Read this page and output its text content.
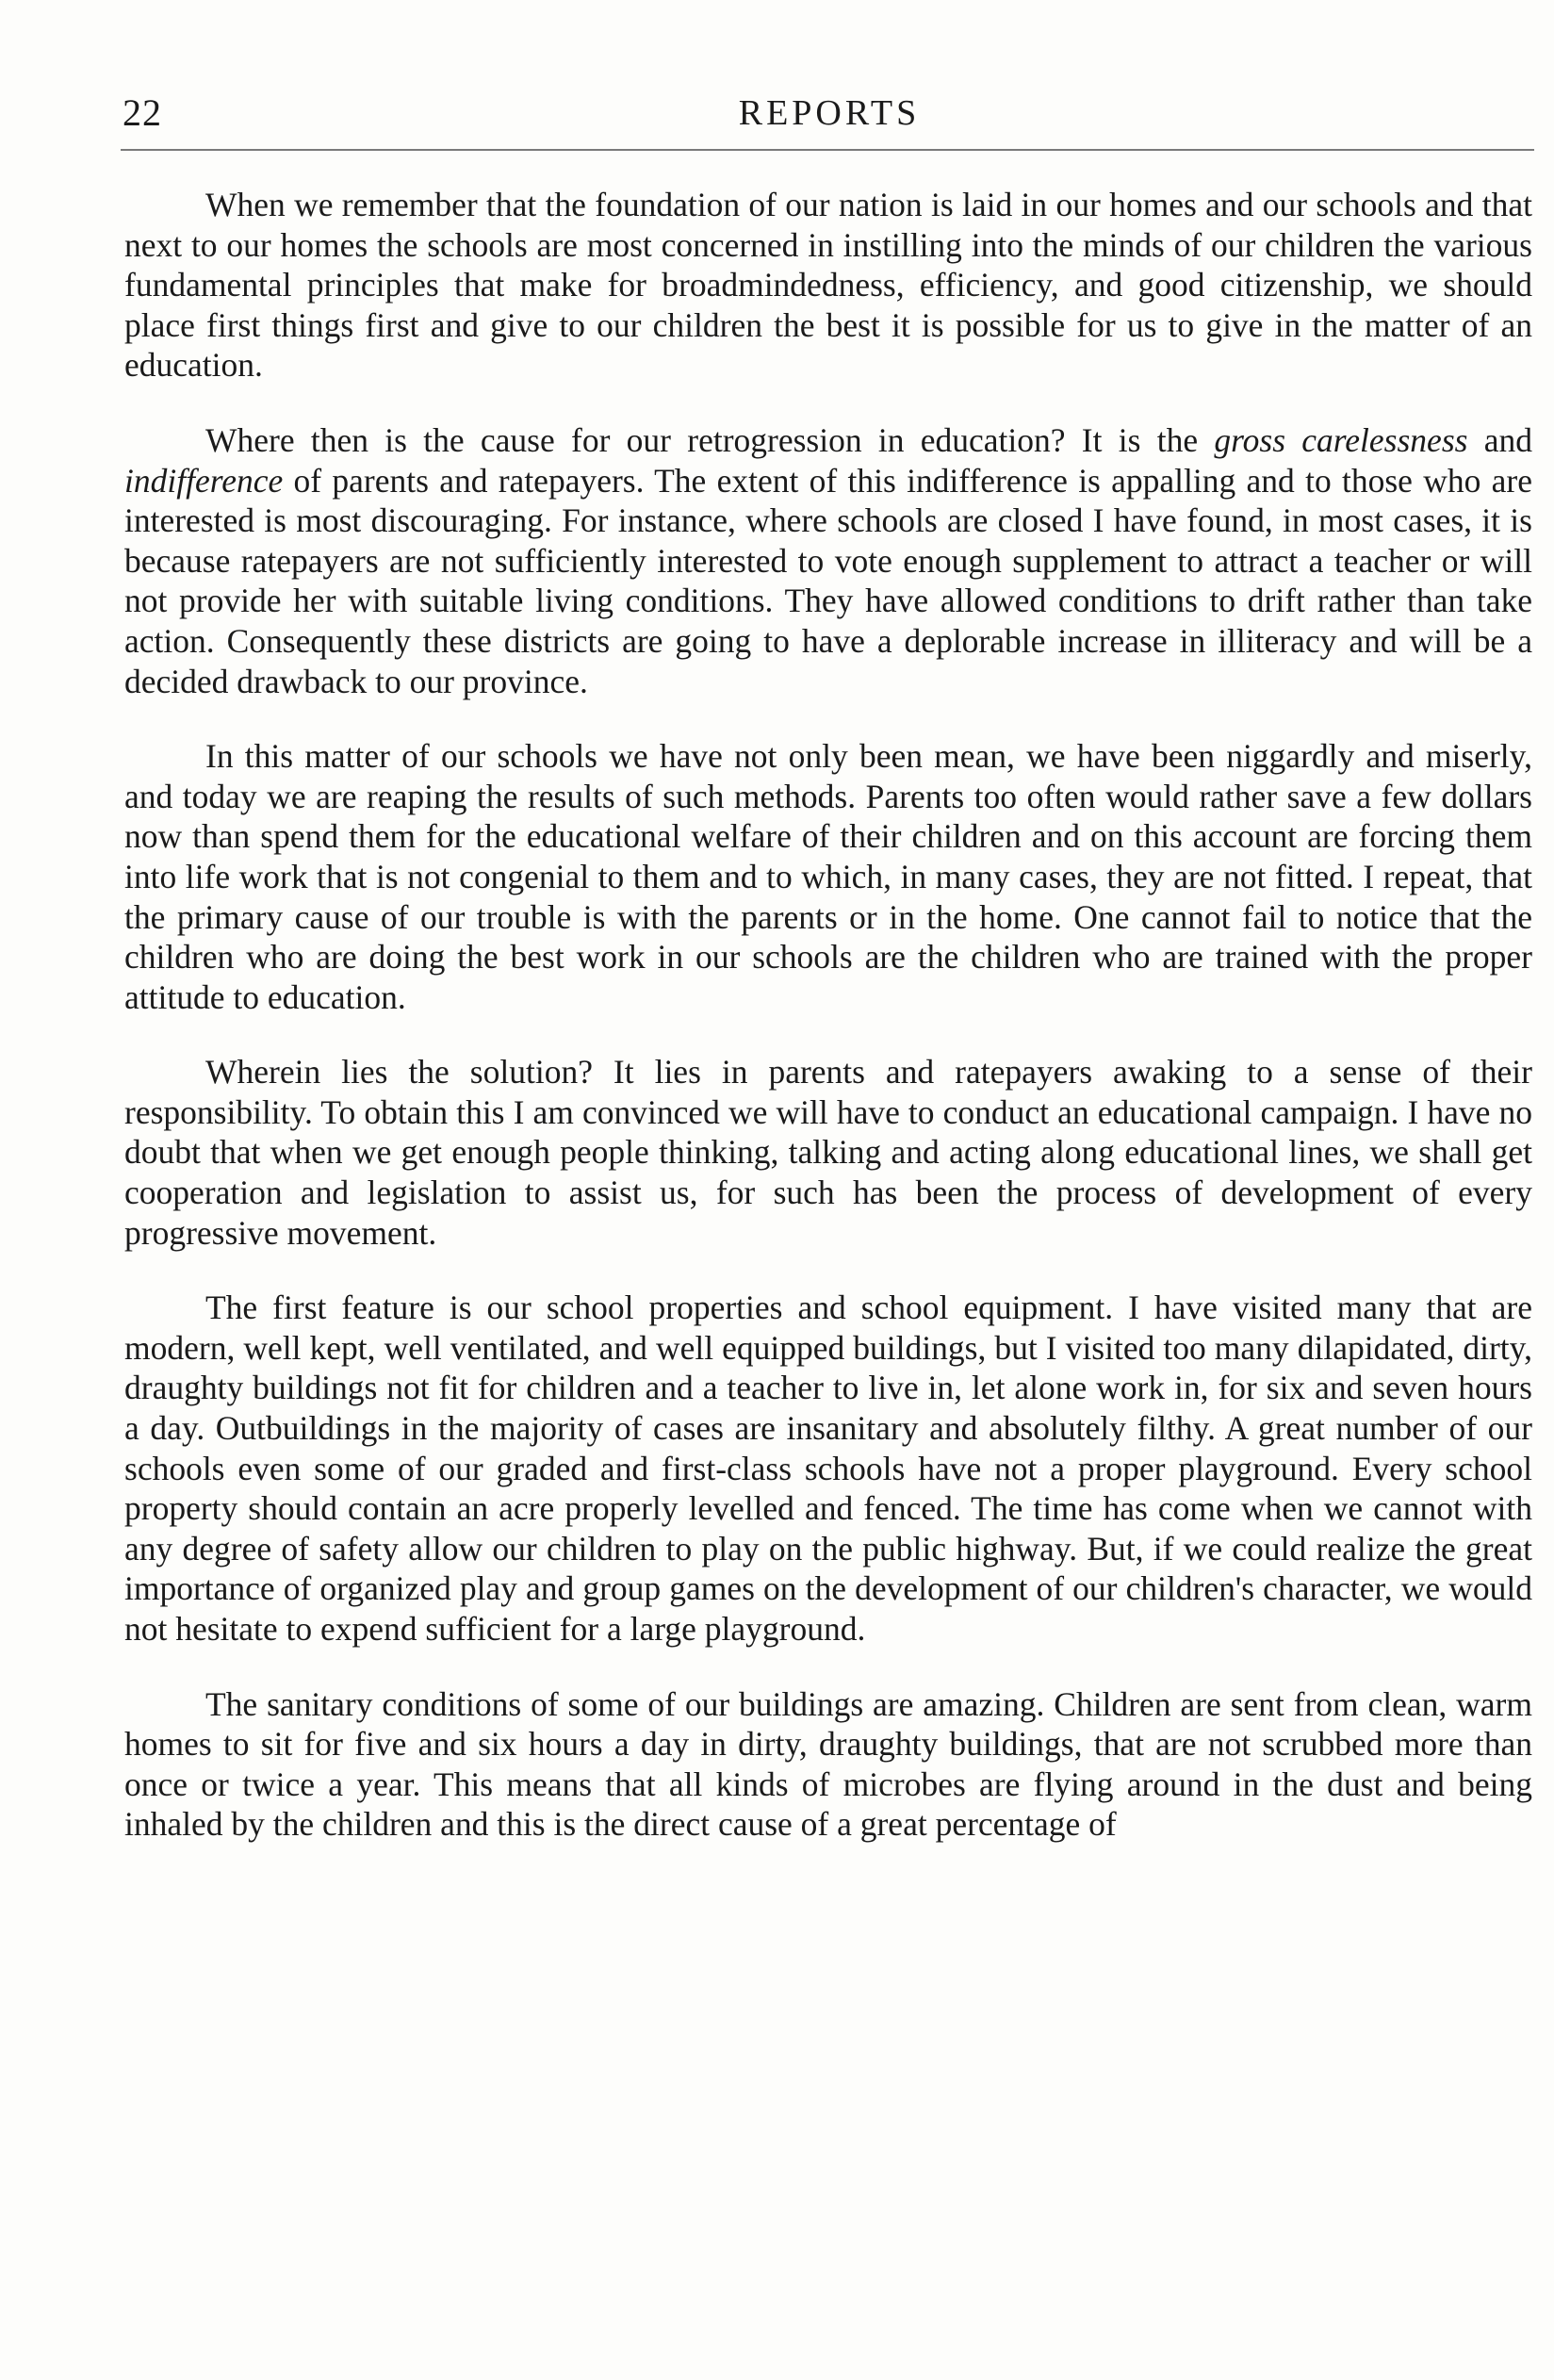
22	REPORTS

When we remember that the foundation of our nation is laid in our homes and our schools and that next to our homes the schools are most concerned in instilling into the minds of our children the various fundamental principles that make for broadmindedness, efficiency, and good citizenship, we should place first things first and give to our children the best it is possible for us to give in the matter of an education.

Where then is the cause for our retrogression in education? It is the gross carelessness and indifference of parents and ratepayers. The extent of this indifference is appalling and to those who are interested is most discouraging. For instance, where schools are closed I have found, in most cases, it is because ratepayers are not sufficiently interested to vote enough supplement to attract a teacher or will not provide her with suitable living conditions. They have allowed conditions to drift rather than take action. Consequently these districts are going to have a deplorable increase in illiteracy and will be a decided drawback to our province.

In this matter of our schools we have not only been mean, we have been niggardly and miserly, and today we are reaping the results of such methods. Parents too often would rather save a few dollars now than spend them for the educational welfare of their children and on this account are forcing them into life work that is not congenial to them and to which, in many cases, they are not fitted. I repeat, that the primary cause of our trouble is with the parents or in the home. One cannot fail to notice that the children who are doing the best work in our schools are the children who are trained with the proper attitude to education.

Wherein lies the solution? It lies in parents and ratepayers awaking to a sense of their responsibility. To obtain this I am convinced we will have to conduct an educational campaign. I have no doubt that when we get enough people thinking, talking and acting along educational lines, we shall get cooperation and legislation to assist us, for such has been the process of development of every progressive movement.

The first feature is our school properties and school equipment. I have visited many that are modern, well kept, well ventilated, and well equipped buildings, but I visited too many dilapidated, dirty, draughty buildings not fit for children and a teacher to live in, let alone work in, for six and seven hours a day. Outbuildings in the majority of cases are insanitary and absolutely filthy. A great number of our schools even some of our graded and first-class schools have not a proper playground. Every school property should contain an acre properly levelled and fenced. The time has come when we cannot with any degree of safety allow our children to play on the public highway. But, if we could realize the great importance of organized play and group games on the development of our children's character, we would not hesitate to expend sufficient for a large playground.

The sanitary conditions of some of our buildings are amazing. Children are sent from clean, warm homes to sit for five and six hours a day in dirty, draughty buildings, that are not scrubbed more than once or twice a year. This means that all kinds of microbes are flying around in the dust and being inhaled by the children and this is the direct cause of a great percentage of
